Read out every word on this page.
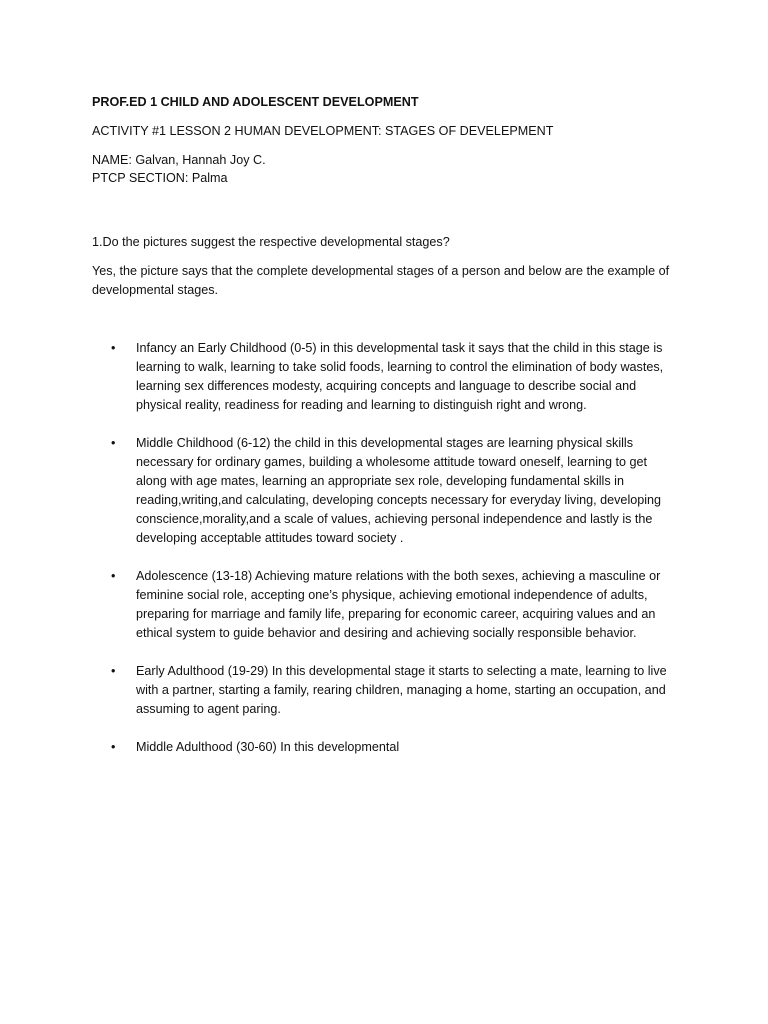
PROF.ED 1 CHILD AND ADOLESCENT DEVELOPMENT
ACTIVITY #1 LESSON 2 HUMAN DEVELOPMENT: STAGES OF DEVELEPMENT
NAME: Galvan, Hannah Joy C.
PTCP SECTION: Palma
1.Do the pictures suggest the respective developmental stages?
Yes, the picture says that the complete developmental stages of a person and below are the example of developmental stages.
• Infancy an Early Childhood (0-5) in this developmental task it says that the child in this stage is learning to walk, learning to take solid foods, learning to control the elimination of body wastes, learning sex differences modesty, acquiring concepts and language to describe social and physical reality, readiness for reading and learning to distinguish right and wrong.
• Middle Childhood (6-12) the child in this developmental stages are learning physical skills necessary for ordinary games, building a wholesome attitude toward oneself, learning to get along with age mates, learning an appropriate sex role, developing fundamental skills in reading,writing,and calculating, developing concepts necessary for everyday living, developing conscience,morality,and a scale of values, achieving personal independence and lastly is the developing acceptable attitudes toward society .
• Adolescence (13-18) Achieving mature relations with the both sexes, achieving a masculine or feminine social role, accepting one’s physique, achieving emotional independence of adults, preparing for marriage and family life, preparing for economic career, acquiring values and an ethical system to guide behavior and desiring and achieving socially responsible behavior.
• Early Adulthood (19-29) In this developmental stage it starts to selecting a mate, learning to live with a partner, starting a family, rearing children, managing a home, starting an occupation, and assuming to agent paring.
• Middle Adulthood (30-60) In this developmental
